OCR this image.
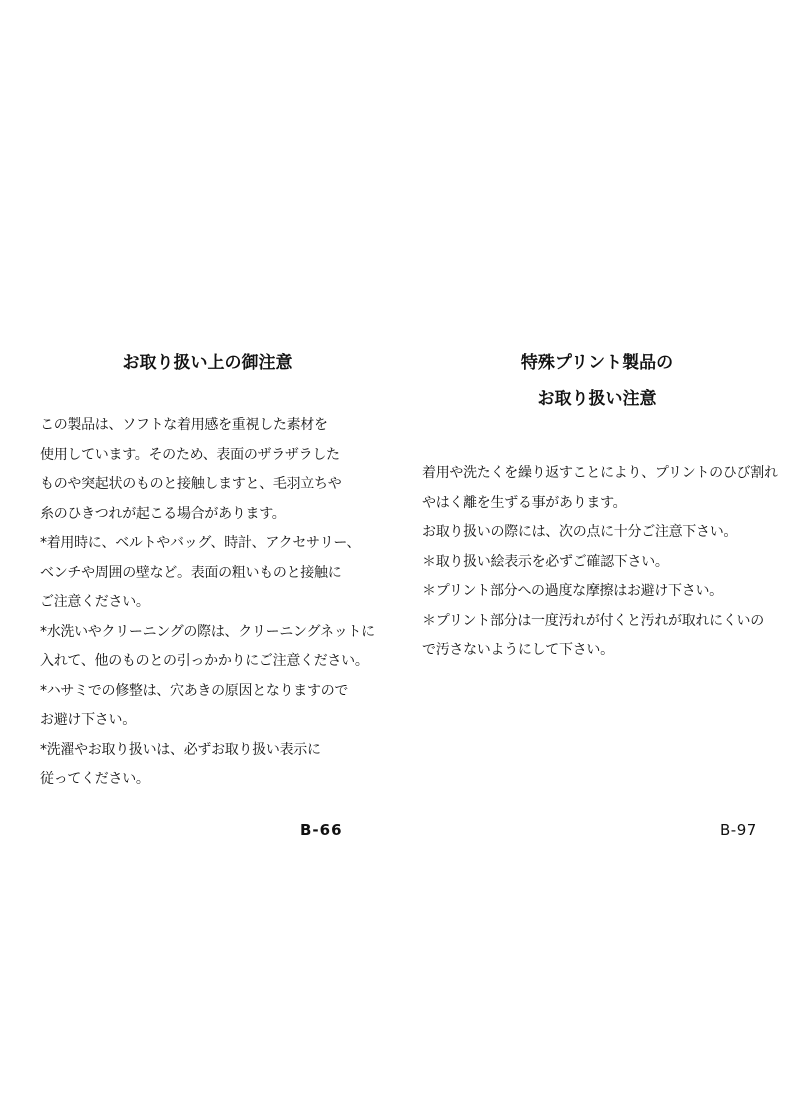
お取り扱い上の御注意

この製品は、ソフトな着用感を重視した素材を
使用しています。そのため、表面のザラザラした
ものや突起状のものと接触しますと、毛羽立ちや
糸のひきつれが起こる場合があります。
*着用時に、ベルトやバッグ、時計、アクセサリー、
ベンチや周囲の壁など。表面の粗いものと接触に
ご注意ください。
*水洗いやクリーニングの際は、クリーニングネットに
入れて、他のものとの引っかかりにご注意ください。
*ハサミでの修整は、穴あきの原因となりますので
お避け下さい。
*洗濯やお取り扱いは、必ずお取り扱い表示に
従ってください。

特殊プリント製品の
お取り扱い注意

着用や洗たくを繰り返すことにより、プリントのひび割れ
やはく離を生ずる事があります。
お取り扱いの際には、次の点に十分ご注意下さい。
＊取り扱い絵表示を必ずご確認下さい。
＊プリント部分への過度な摩擦はお避け下さい。
＊プリント部分は一度汚れが付くと汚れが取れにくいの
で汚さないようにして下さい。

B-66	B-97
